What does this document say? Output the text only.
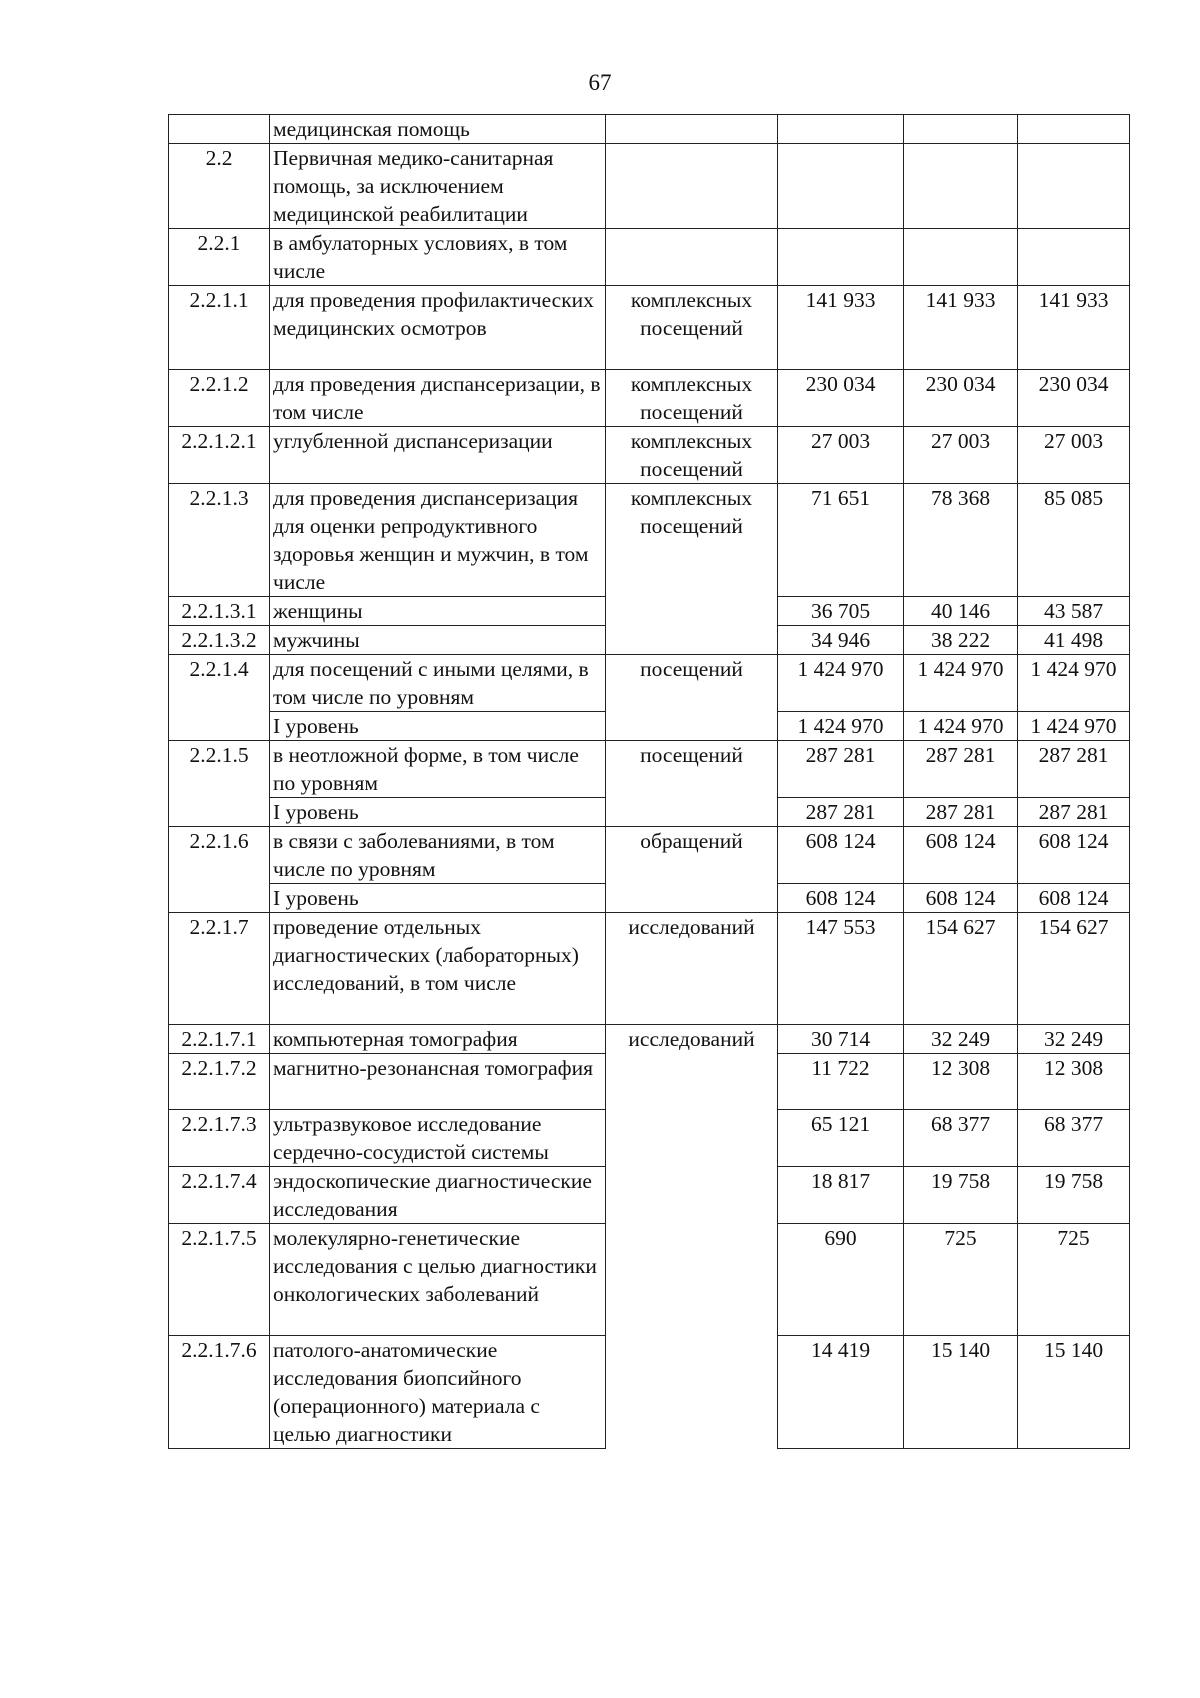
67
	медицинская помощь				
2.2	Первичная медико-санитарная помощь, за исключением медицинской реабилитации				
2.2.1	в амбулаторных условиях, в том числе				
2.2.1.1	для проведения профилактических медицинских осмотров	комплексных посещений	141 933	141 933	141 933
2.2.1.2	для проведения диспансеризации, в том числе	комплексных посещений	230 034	230 034	230 034
2.2.1.2.1	углубленной диспансеризации	комплексных посещений	27 003	27 003	27 003
2.2.1.3	для проведения диспансеризация для оценки репродуктивного здоровья женщин и мужчин, в том числе	комплексных посещений	71 651	78 368	85 085
2.2.1.3.1	женщины		36 705	40 146	43 587
2.2.1.3.2	мужчины		34 946	38 222	41 498
2.2.1.4	для посещений с иными целями, в том числе по уровням	посещений	1 424 970	1 424 970	1 424 970
	I уровень		1 424 970	1 424 970	1 424 970
2.2.1.5	в неотложной форме, в том числе по уровням	посещений	287 281	287 281	287 281
	I уровень		287 281	287 281	287 281
2.2.1.6	в связи с заболеваниями, в том числе по уровням	обращений	608 124	608 124	608 124
	I уровень		608 124	608 124	608 124
2.2.1.7	проведение отдельных диагностических (лабораторных) исследований, в том числе	исследований	147 553	154 627	154 627
2.2.1.7.1	компьютерная томография	исследований	30 714	32 249	32 249
2.2.1.7.2	магнитно-резонансная томография		11 722	12 308	12 308
2.2.1.7.3	ультразвуковое исследование сердечно-сосудистой системы		65 121	68 377	68 377
2.2.1.7.4	эндоскопические диагностические исследования		18 817	19 758	19 758
2.2.1.7.5	молекулярно-генетические исследования с целью диагностики онкологических заболеваний		690	725	725
2.2.1.7.6	патолого-анатомические исследования биопсийного (операционного) материала с целью диагностики		14 419	15 140	15 140
